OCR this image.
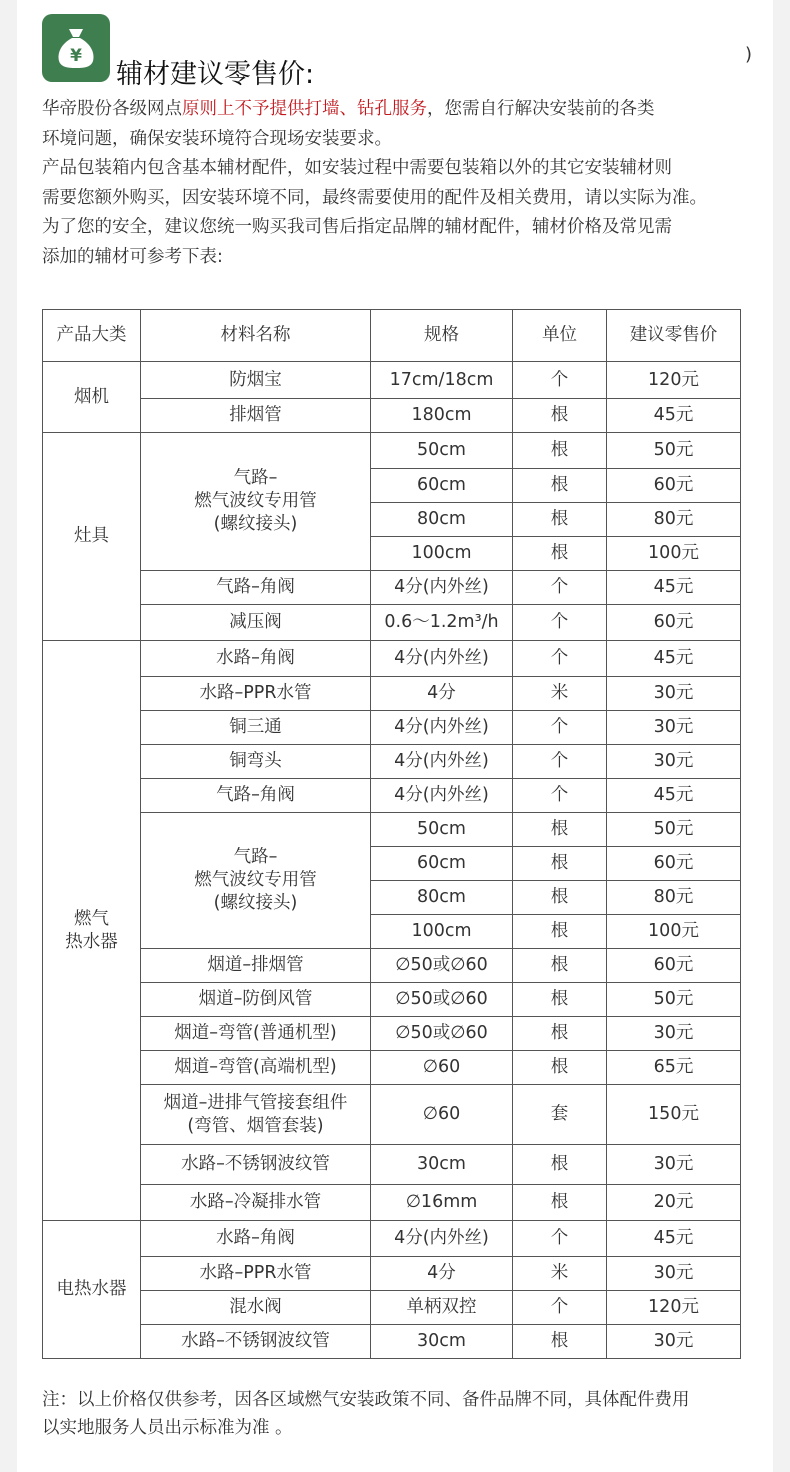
¥
辅材建议零售价:
)

华帝股份各级网点原则上不予提供打墙、钻孔服务，您需自行解决安装前的各类

环境问题，确保安装环境符合现场安装要求。

产品包装箱内包含基本辅材配件，如安装过程中需要包装箱以外的其它安装辅材则

需要您额外购买，因安装环境不同，最终需要使用的配件及相关费用，请以实际为准。

为了您的安全，建议您统一购买我司售后指定品牌的辅材配件，辅材价格及常见需

添加的辅材可参考下表:

产品大类	材料名称	规格	单位	建议零售价
烟机	防烟宝	17cm/18cm	个	120元
	排烟管	180cm	根	45元
灶具	气路–
燃气波纹专用管
(螺纹接头)	50cm	根	50元
		60cm	根	60元
		80cm	根	80元
		100cm	根	100元
	气路–角阀	4分(内外丝)	个	45元
	减压阀	0.6～1.2m³/h	个	60元
燃气
热水器	水路–角阀	4分(内外丝)	个	45元
	水路–PPR水管	4分	米	30元
	铜三通	4分(内外丝)	个	30元
	铜弯头	4分(内外丝)	个	30元
	气路–角阀	4分(内外丝)	个	45元
	气路–
燃气波纹专用管
(螺纹接头)	50cm	根	50元
		60cm	根	60元
		80cm	根	80元
		100cm	根	100元
	烟道–排烟管	∅50或∅60	根	60元
	烟道–防倒风管	∅50或∅60	根	50元
	烟道–弯管(普通机型)	∅50或∅60	根	30元
	烟道–弯管(高端机型)	∅60	根	65元
	烟道–进排气管接套组件
(弯管、烟管套装)	∅60	套	150元
	水路–不锈钢波纹管	30cm	根	30元
	水路–冷凝排水管	∅16mm	根	20元
电热水器	水路–角阀	4分(内外丝)	个	45元
	水路–PPR水管	4分	米	30元
	混水阀	单柄双控	个	120元
	水路–不锈钢波纹管	30cm	根	30元

注：以上价格仅供参考，因各区域燃气安装政策不同、备件品牌不同，具体配件费用

以实地服务人员出示标准为准 。
